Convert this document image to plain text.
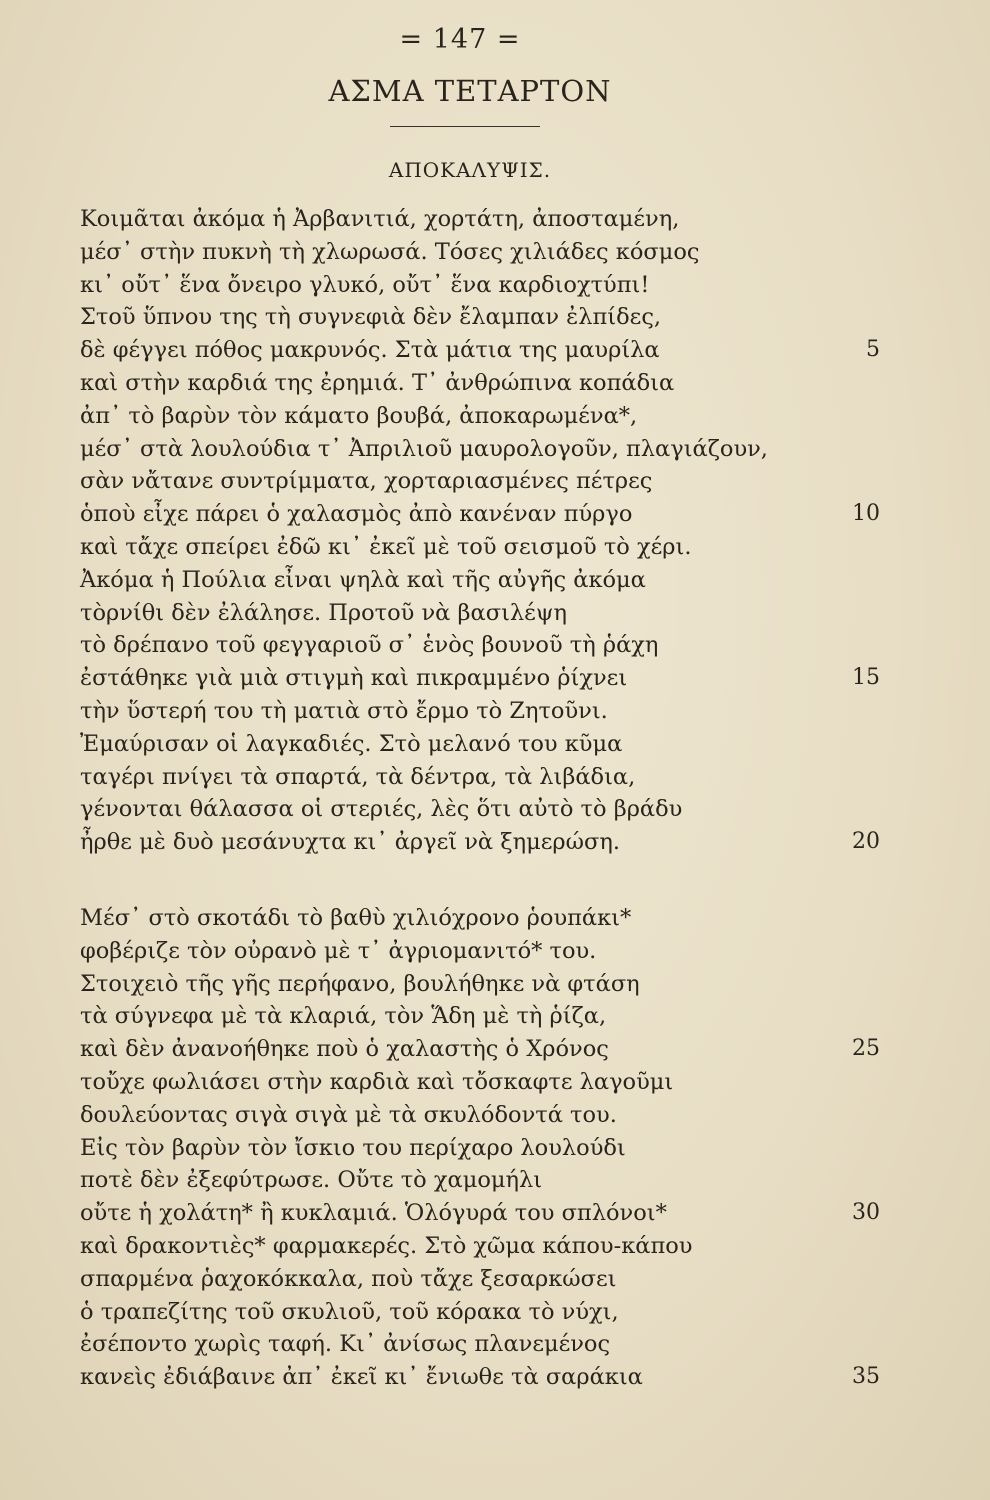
= 147 =
ΑΣΜΑ ΤΕΤΑΡΤΟΝ
ΑΠΟΚΑΛΥΨΙΣ.
Κοιμᾶται ἀκόμα ἡ Ἀρβανιτιά, χορτάτη, ἀποσταμένη,
μέσ᾿ στὴν πυκνὴ τὴ χλωρωσά. Τόσες χιλιάδες κόσμος
κι᾿ οὔτ᾿ ἕνα ὄνειρο γλυκό, οὔτ᾿ ἕνα καρδιοχτύπι!
Στοῦ ὕπνου της τὴ συγνεφιὰ δὲν ἔλαμπαν ἐλπίδες,
δὲ φέγγει πόθος μακρυνός. Στὰ μάτια της μαυρίλα	5
καὶ στὴν καρδιά της ἐρημιά. Τ᾿ ἀνθρώπινα κοπάδια
ἀπ᾿ τὸ βαρὺν τὸν κάματο βουβά, ἀποκαρωμένα*,
μέσ᾿ στὰ λουλούδια τ᾿ Ἀπριλιοῦ μαυρολογοῦν, πλαγιάζουν,
σὰν νἄτανε συντρίμματα, χορταριασμένες πέτρες
ὁποὺ εἶχε πάρει ὁ χαλασμὸς ἀπὸ κανέναν πύργο	10
καὶ τἄχε σπείρει ἐδῶ κι᾿ ἐκεῖ μὲ τοῦ σεισμοῦ τὸ χέρι.
Ἀκόμα ἡ Πούλια εἶναι ψηλὰ καὶ τῆς αὐγῆς ἀκόμα
τὸρνίθι δὲν ἐλάλησε. Προτοῦ νὰ βασιλέψη
τὸ δρέπανο τοῦ φεγγαριοῦ σ᾿ ἑνὸς βουνοῦ τὴ ῥάχη
ἐστάθηκε γιὰ μιὰ στιγμὴ καὶ πικραμμένο ῥίχνει	15
τὴν ὕστερή του τὴ ματιὰ στὸ ἔρμο τὸ Ζητοῦνι.
Ἐμαύρισαν οἱ λαγκαδιές. Στὸ μελανό του κῦμα
ταγέρι πνίγει τὰ σπαρτά, τὰ δέντρα, τὰ λιβάδια,
γένονται θάλασσα οἱ στεριές, λὲς ὅτι αὐτὸ τὸ βράδυ
ἦρθε μὲ δυὸ μεσάνυχτα κι᾿ ἀργεῖ νὰ ξημερώση.	20
Μέσ᾿ στὸ σκοτάδι τὸ βαθὺ χιλιόχρονο ῥουπάκι*
φοβέριζε τὸν οὐρανὸ μὲ τ᾿ ἀγριομανιτό* του.
Στοιχειὸ τῆς γῆς περήφανο, βουλήθηκε νὰ φτάση
τὰ σύγνεφα μὲ τὰ κλαριά, τὸν Ἅδη μὲ τὴ ῥίζα,
καὶ δὲν ἀνανοήθηκε ποὺ ὁ χαλαστὴς ὁ Χρόνος	25
τοὔχε φωλιάσει στὴν καρδιὰ καὶ τὄσκαφτε λαγοῦμι
δουλεύοντας σιγὰ σιγὰ μὲ τὰ σκυλόδοντά του.
Εἰς τὸν βαρὺν τὸν ἴσκιο του περίχαρο λουλούδι
ποτὲ δὲν ἐξεφύτρωσε. Οὔτε τὸ χαμομήλι
οὔτε ἡ χολάτη* ἢ κυκλαμιά. Ὁλόγυρά του σπλόνοι*	30
καὶ δρακοντιὲς* φαρμακερές. Στὸ χῶμα κάπου-κάπου
σπαρμένα ῥαχοκόκκαλα, ποὺ τἄχε ξεσαρκώσει
ὁ τραπεζίτης τοῦ σκυλιοῦ, τοῦ κόρακα τὸ νύχι,
ἐσέποντο χωρὶς ταφή. Κι᾿ ἀνίσως πλανεμένος
κανεὶς ἐδιάβαινε ἀπ᾿ ἐκεῖ κι᾿ ἔνιωθε τὰ σαράκια	35
